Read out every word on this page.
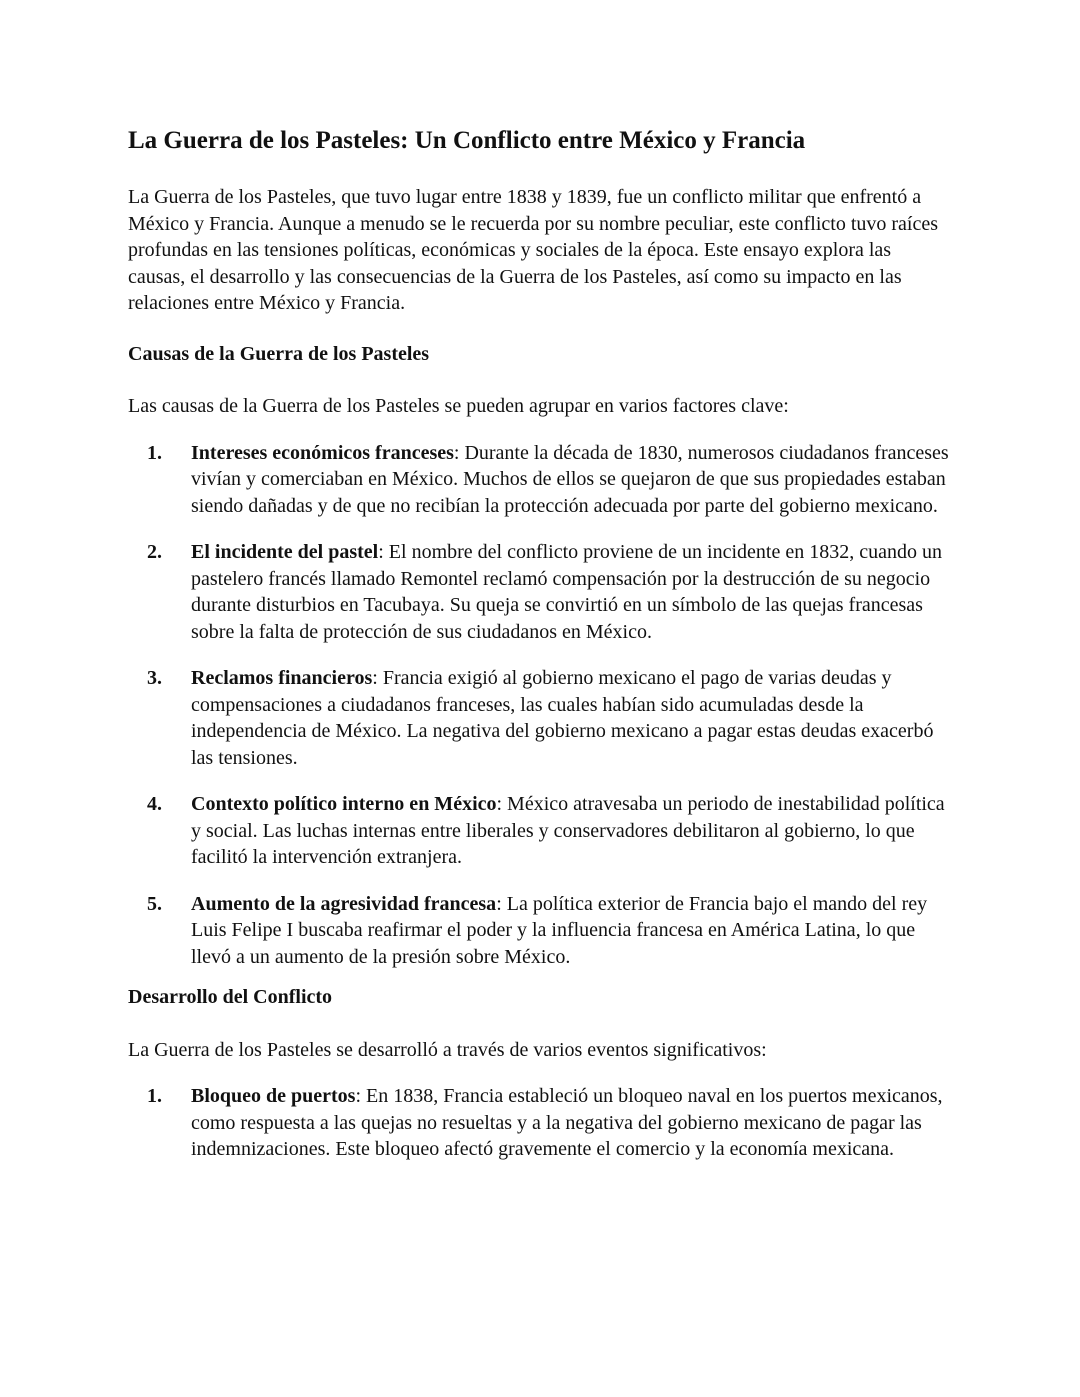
La Guerra de los Pasteles: Un Conflicto entre México y Francia

La Guerra de los Pasteles, que tuvo lugar entre 1838 y 1839, fue un conflicto militar que enfrentó a México y Francia. Aunque a menudo se le recuerda por su nombre peculiar, este conflicto tuvo raíces profundas en las tensiones políticas, económicas y sociales de la época. Este ensayo explora las causas, el desarrollo y las consecuencias de la Guerra de los Pasteles, así como su impacto en las relaciones entre México y Francia.

Causas de la Guerra de los Pasteles

Las causas de la Guerra de los Pasteles se pueden agrupar en varios factores clave:

1. Intereses económicos franceses: Durante la década de 1830, numerosos ciudadanos franceses vivían y comerciaban en México. Muchos de ellos se quejaron de que sus propiedades estaban siendo dañadas y de que no recibían la protección adecuada por parte del gobierno mexicano.
2. El incidente del pastel: El nombre del conflicto proviene de un incidente en 1832, cuando un pastelero francés llamado Remontel reclamó compensación por la destrucción de su negocio durante disturbios en Tacubaya. Su queja se convirtió en un símbolo de las quejas francesas sobre la falta de protección de sus ciudadanos en México.
3. Reclamos financieros: Francia exigió al gobierno mexicano el pago de varias deudas y compensaciones a ciudadanos franceses, las cuales habían sido acumuladas desde la independencia de México. La negativa del gobierno mexicano a pagar estas deudas exacerbó las tensiones.
4. Contexto político interno en México: México atravesaba un periodo de inestabilidad política y social. Las luchas internas entre liberales y conservadores debilitaron al gobierno, lo que facilitó la intervención extranjera.
5. Aumento de la agresividad francesa: La política exterior de Francia bajo el mando del rey Luis Felipe I buscaba reafirmar el poder y la influencia francesa en América Latina, lo que llevó a un aumento de la presión sobre México.
Desarrollo del Conflicto

La Guerra de los Pasteles se desarrolló a través de varios eventos significativos:

1. Bloqueo de puertos: En 1838, Francia estableció un bloqueo naval en los puertos mexicanos, como respuesta a las quejas no resueltas y a la negativa del gobierno mexicano de pagar las indemnizaciones. Este bloqueo afectó gravemente el comercio y la economía mexicana.
